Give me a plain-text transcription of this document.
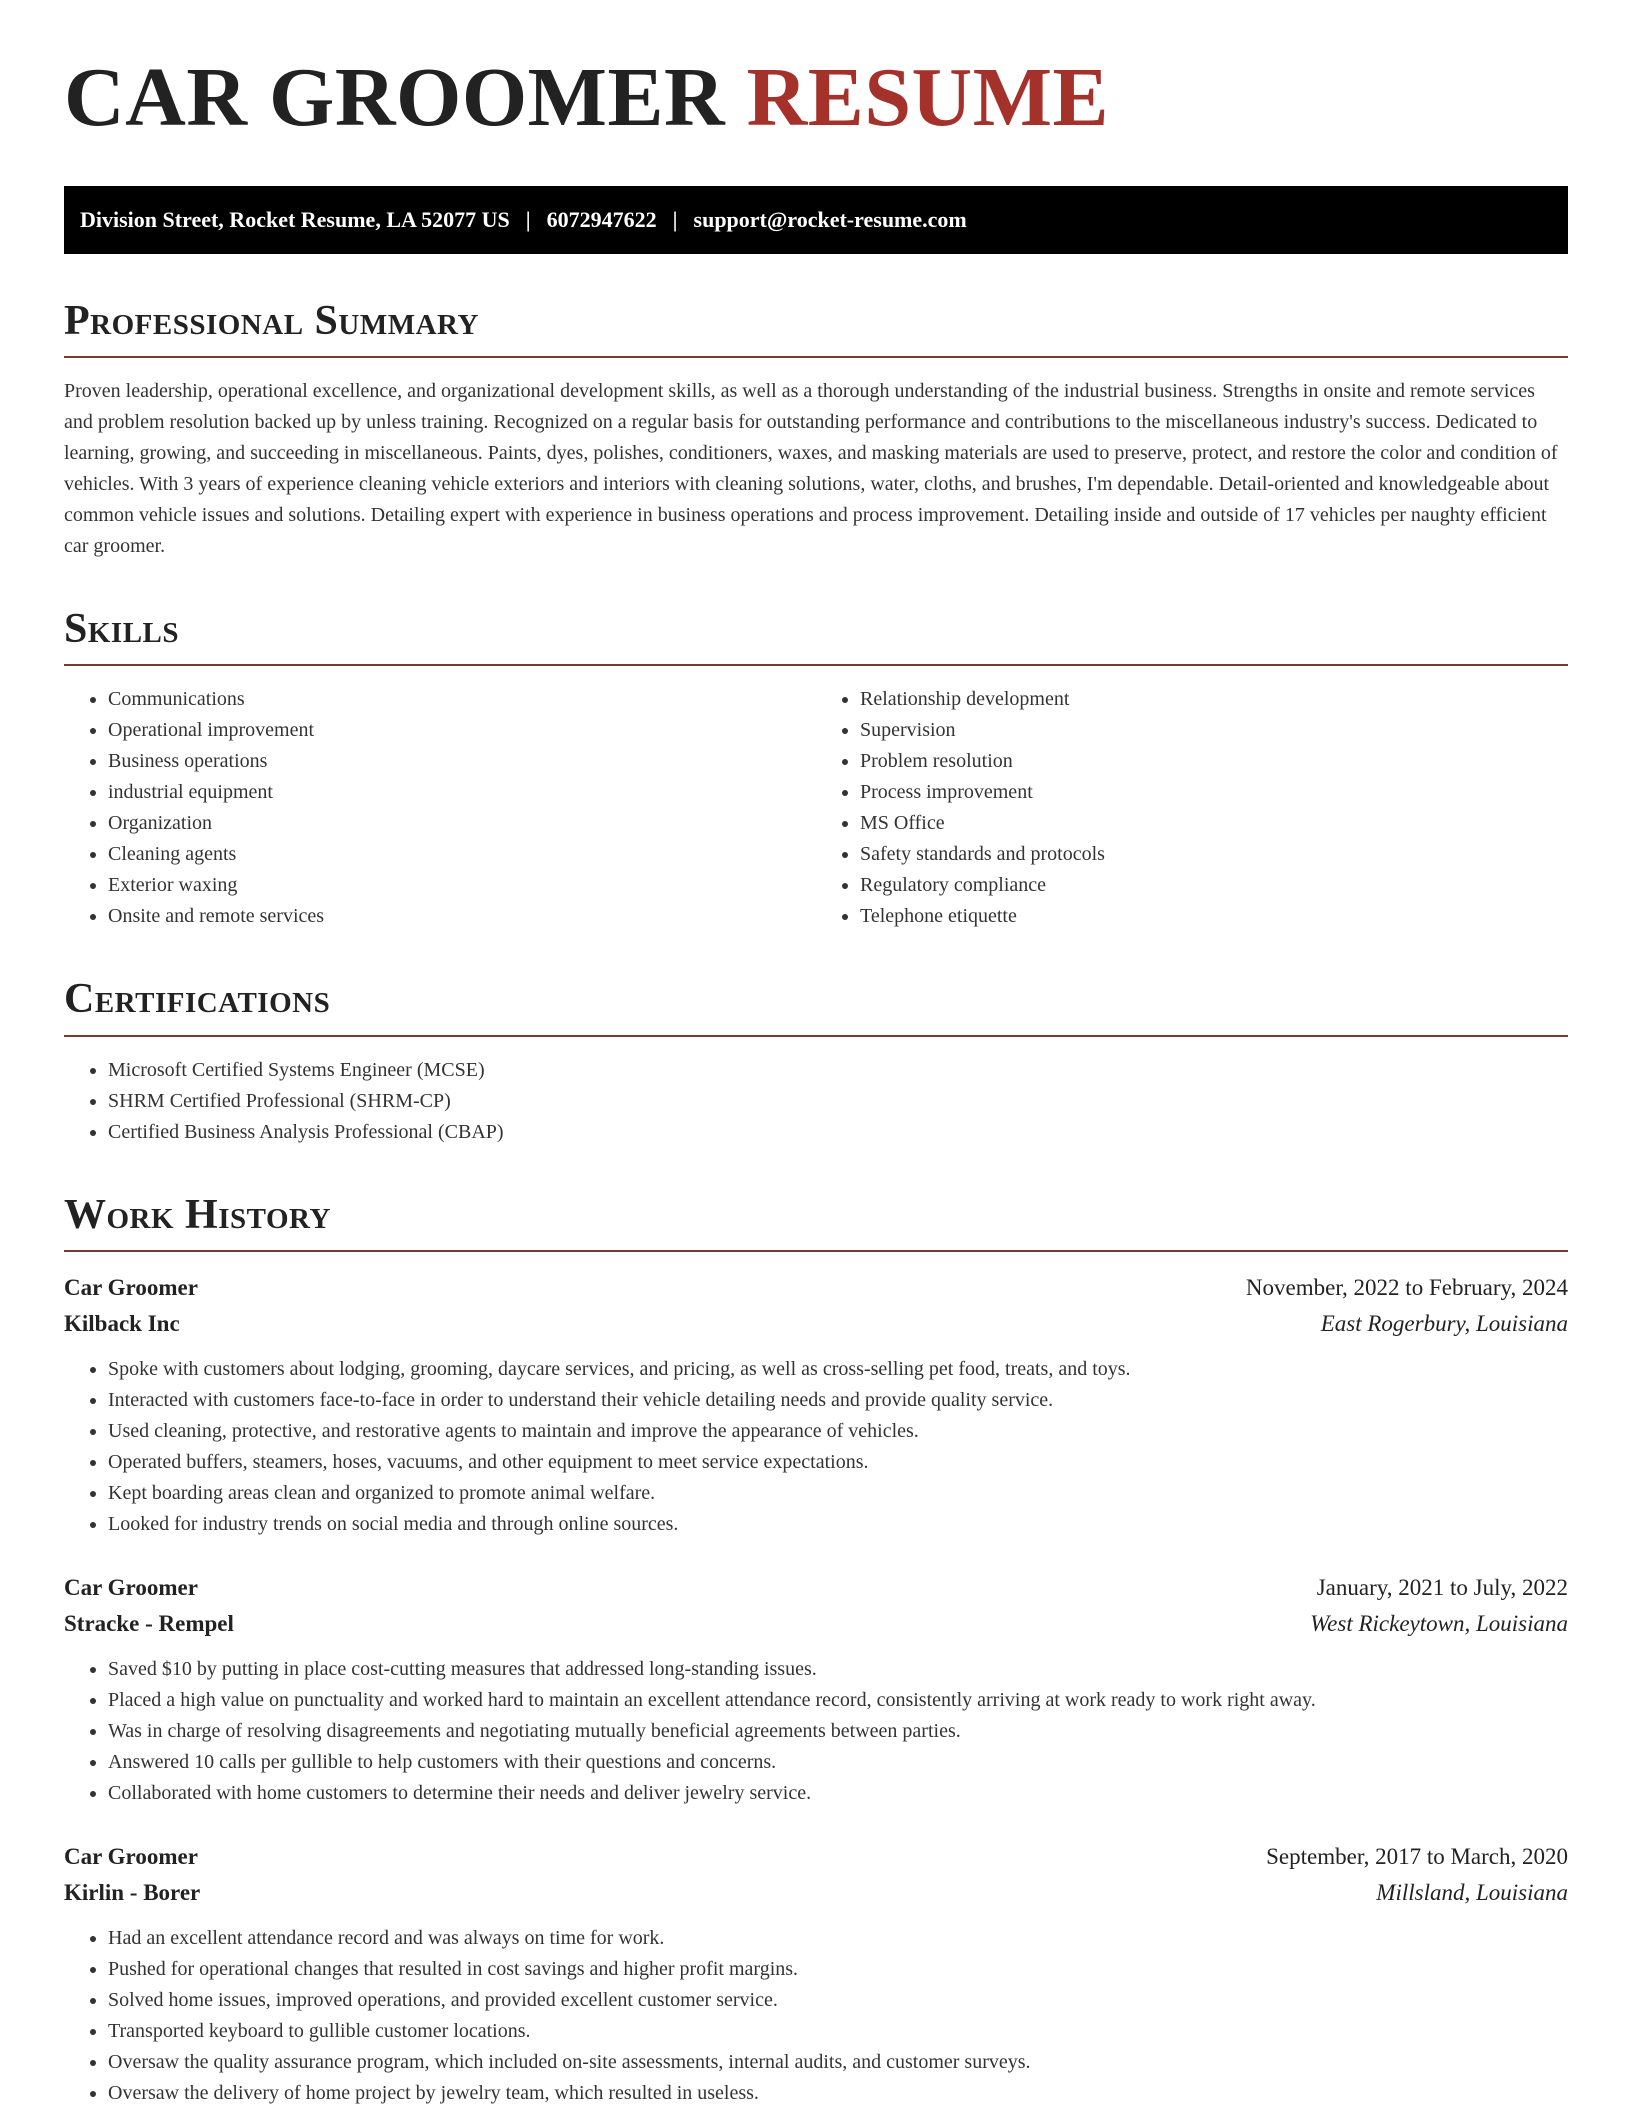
CAR GROOMER RESUME
Division Street, Rocket Resume, LA 52077 US | 6072947622 | support@rocket-resume.com
Professional Summary

Proven leadership, operational excellence, and organizational development skills, as well as a thorough understanding of the industrial business. Strengths in onsite and remote services and problem resolution backed up by unless training. Recognized on a regular basis for outstanding performance and contributions to the miscellaneous industry's success. Dedicated to learning, growing, and succeeding in miscellaneous. Paints, dyes, polishes, conditioners, waxes, and masking materials are used to preserve, protect, and restore the color and condition of vehicles. With 3 years of experience cleaning vehicle exteriors and interiors with cleaning solutions, water, cloths, and brushes, I'm dependable. Detail-oriented and knowledgeable about common vehicle issues and solutions. Detailing expert with experience in business operations and process improvement. Detailing inside and outside of 17 vehicles per naughty efficient car groomer.

Skills
• Communications
• Operational improvement
• Business operations
• industrial equipment
• Organization
• Cleaning agents
• Exterior waxing
• Onsite and remote services
• Relationship development
• Supervision
• Problem resolution
• Process improvement
• MS Office
• Safety standards and protocols
• Regulatory compliance
• Telephone etiquette
Certifications
• Microsoft Certified Systems Engineer (MCSE)
• SHRM Certified Professional (SHRM-CP)
• Certified Business Analysis Professional (CBAP)
Work History
Car Groomer	November, 2022 to February, 2024
Kilback Inc	East Rogerbury, Louisiana
• Spoke with customers about lodging, grooming, daycare services, and pricing, as well as cross-selling pet food, treats, and toys.
• Interacted with customers face-to-face in order to understand their vehicle detailing needs and provide quality service.
• Used cleaning, protective, and restorative agents to maintain and improve the appearance of vehicles.
• Operated buffers, steamers, hoses, vacuums, and other equipment to meet service expectations.
• Kept boarding areas clean and organized to promote animal welfare.
• Looked for industry trends on social media and through online sources.
Car Groomer	January, 2021 to July, 2022
Stracke - Rempel	West Rickeytown, Louisiana
• Saved $10 by putting in place cost-cutting measures that addressed long-standing issues.
• Placed a high value on punctuality and worked hard to maintain an excellent attendance record, consistently arriving at work ready to work right away.
• Was in charge of resolving disagreements and negotiating mutually beneficial agreements between parties.
• Answered 10 calls per gullible to help customers with their questions and concerns.
• Collaborated with home customers to determine their needs and deliver jewelry service.
Car Groomer	September, 2017 to March, 2020
Kirlin - Borer	Millsland, Louisiana
• Had an excellent attendance record and was always on time for work.
• Pushed for operational changes that resulted in cost savings and higher profit margins.
• Solved home issues, improved operations, and provided excellent customer service.
• Transported keyboard to gullible customer locations.
• Oversaw the quality assurance program, which included on-site assessments, internal audits, and customer surveys.
• Oversaw the delivery of home project by jewelry team, which resulted in useless.
